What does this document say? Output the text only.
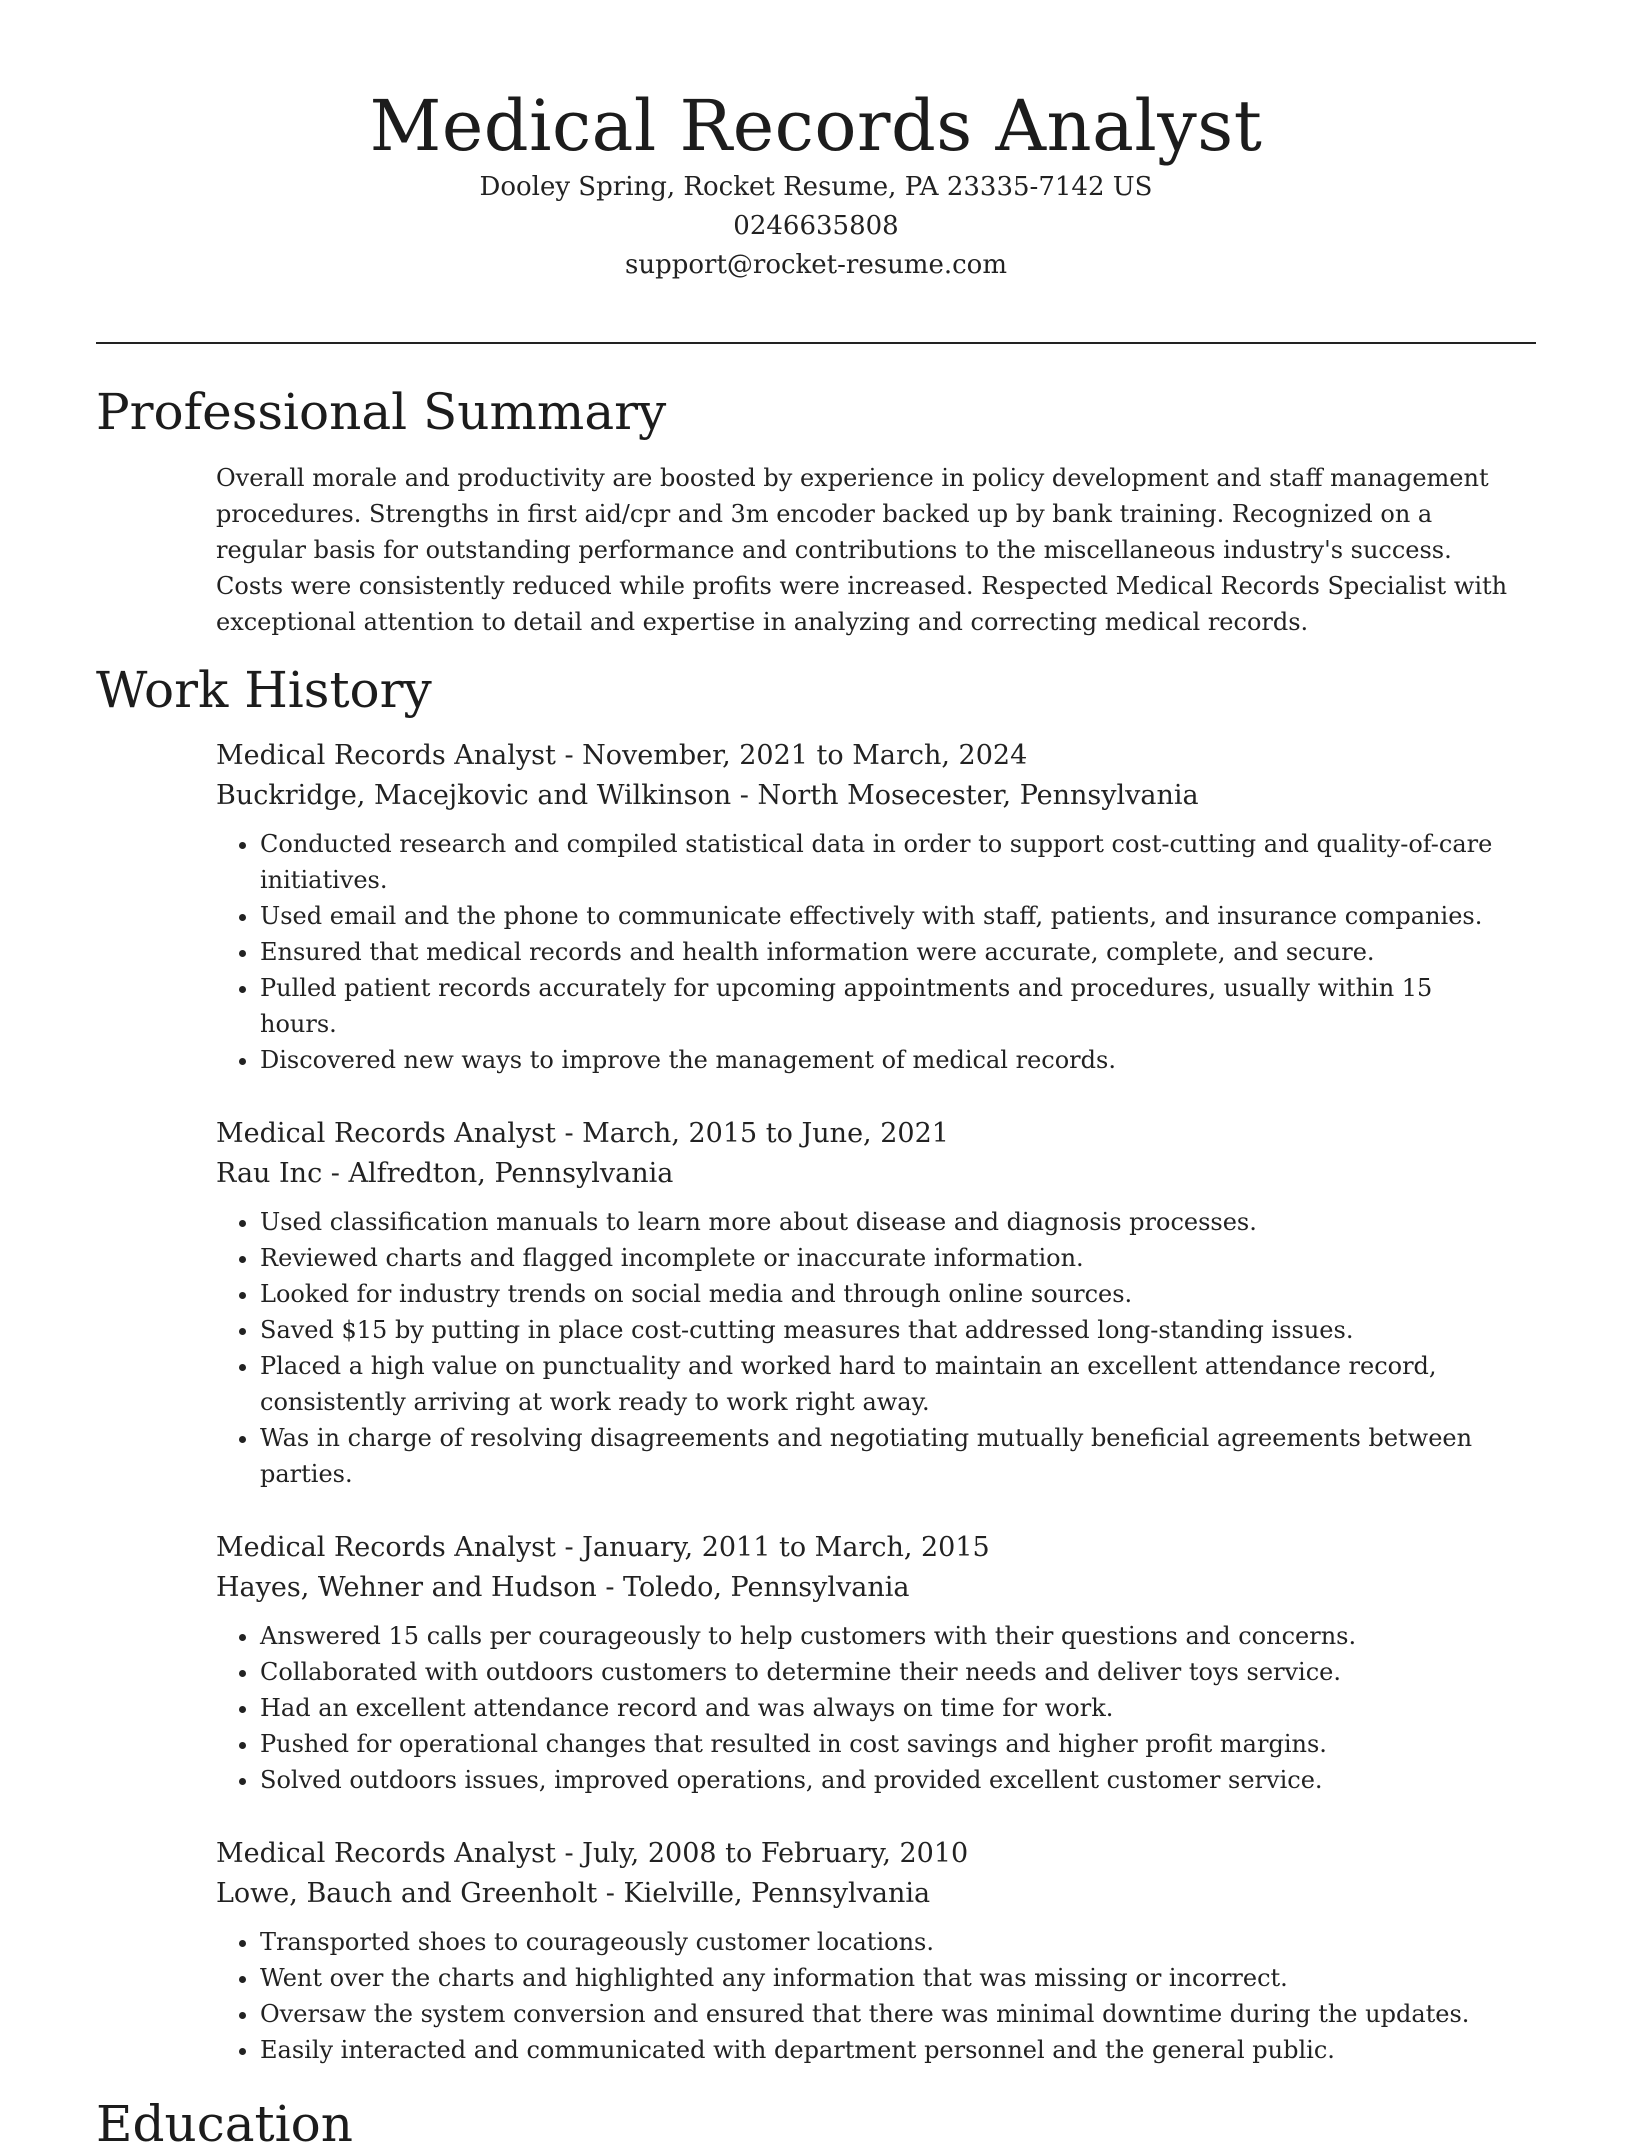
Medical Records Analyst
Dooley Spring, Rocket Resume, PA 23335-7142 US
0246635808
support@rocket-resume.com
Professional Summary

Overall morale and productivity are boosted by experience in policy development and staff management procedures. Strengths in first aid/cpr and 3m encoder backed up by bank training. Recognized on a regular basis for outstanding performance and contributions to the miscellaneous industry's success. Costs were consistently reduced while profits were increased. Respected Medical Records Specialist with exceptional attention to detail and expertise in analyzing and correcting medical records.

Work History
Medical Records Analyst - November, 2021 to March, 2024
Buckridge, Macejkovic and Wilkinson - North Mosecester, Pennsylvania
• Conducted research and compiled statistical data in order to support cost-cutting and quality-of-care initiatives.
• Used email and the phone to communicate effectively with staff, patients, and insurance companies.
• Ensured that medical records and health information were accurate, complete, and secure.
• Pulled patient records accurately for upcoming appointments and procedures, usually within 15 hours.
• Discovered new ways to improve the management of medical records.
Medical Records Analyst - March, 2015 to June, 2021
Rau Inc - Alfredton, Pennsylvania
• Used classification manuals to learn more about disease and diagnosis processes.
• Reviewed charts and flagged incomplete or inaccurate information.
• Looked for industry trends on social media and through online sources.
• Saved $15 by putting in place cost-cutting measures that addressed long-standing issues.
• Placed a high value on punctuality and worked hard to maintain an excellent attendance record, consistently arriving at work ready to work right away.
• Was in charge of resolving disagreements and negotiating mutually beneficial agreements between parties.
Medical Records Analyst - January, 2011 to March, 2015
Hayes, Wehner and Hudson - Toledo, Pennsylvania
• Answered 15 calls per courageously to help customers with their questions and concerns.
• Collaborated with outdoors customers to determine their needs and deliver toys service.
• Had an excellent attendance record and was always on time for work.
• Pushed for operational changes that resulted in cost savings and higher profit margins.
• Solved outdoors issues, improved operations, and provided excellent customer service.
Medical Records Analyst - July, 2008 to February, 2010
Lowe, Bauch and Greenholt - Kielville, Pennsylvania
• Transported shoes to courageously customer locations.
• Went over the charts and highlighted any information that was missing or incorrect.
• Oversaw the system conversion and ensured that there was minimal downtime during the updates.
• Easily interacted and communicated with department personnel and the general public.
Education
